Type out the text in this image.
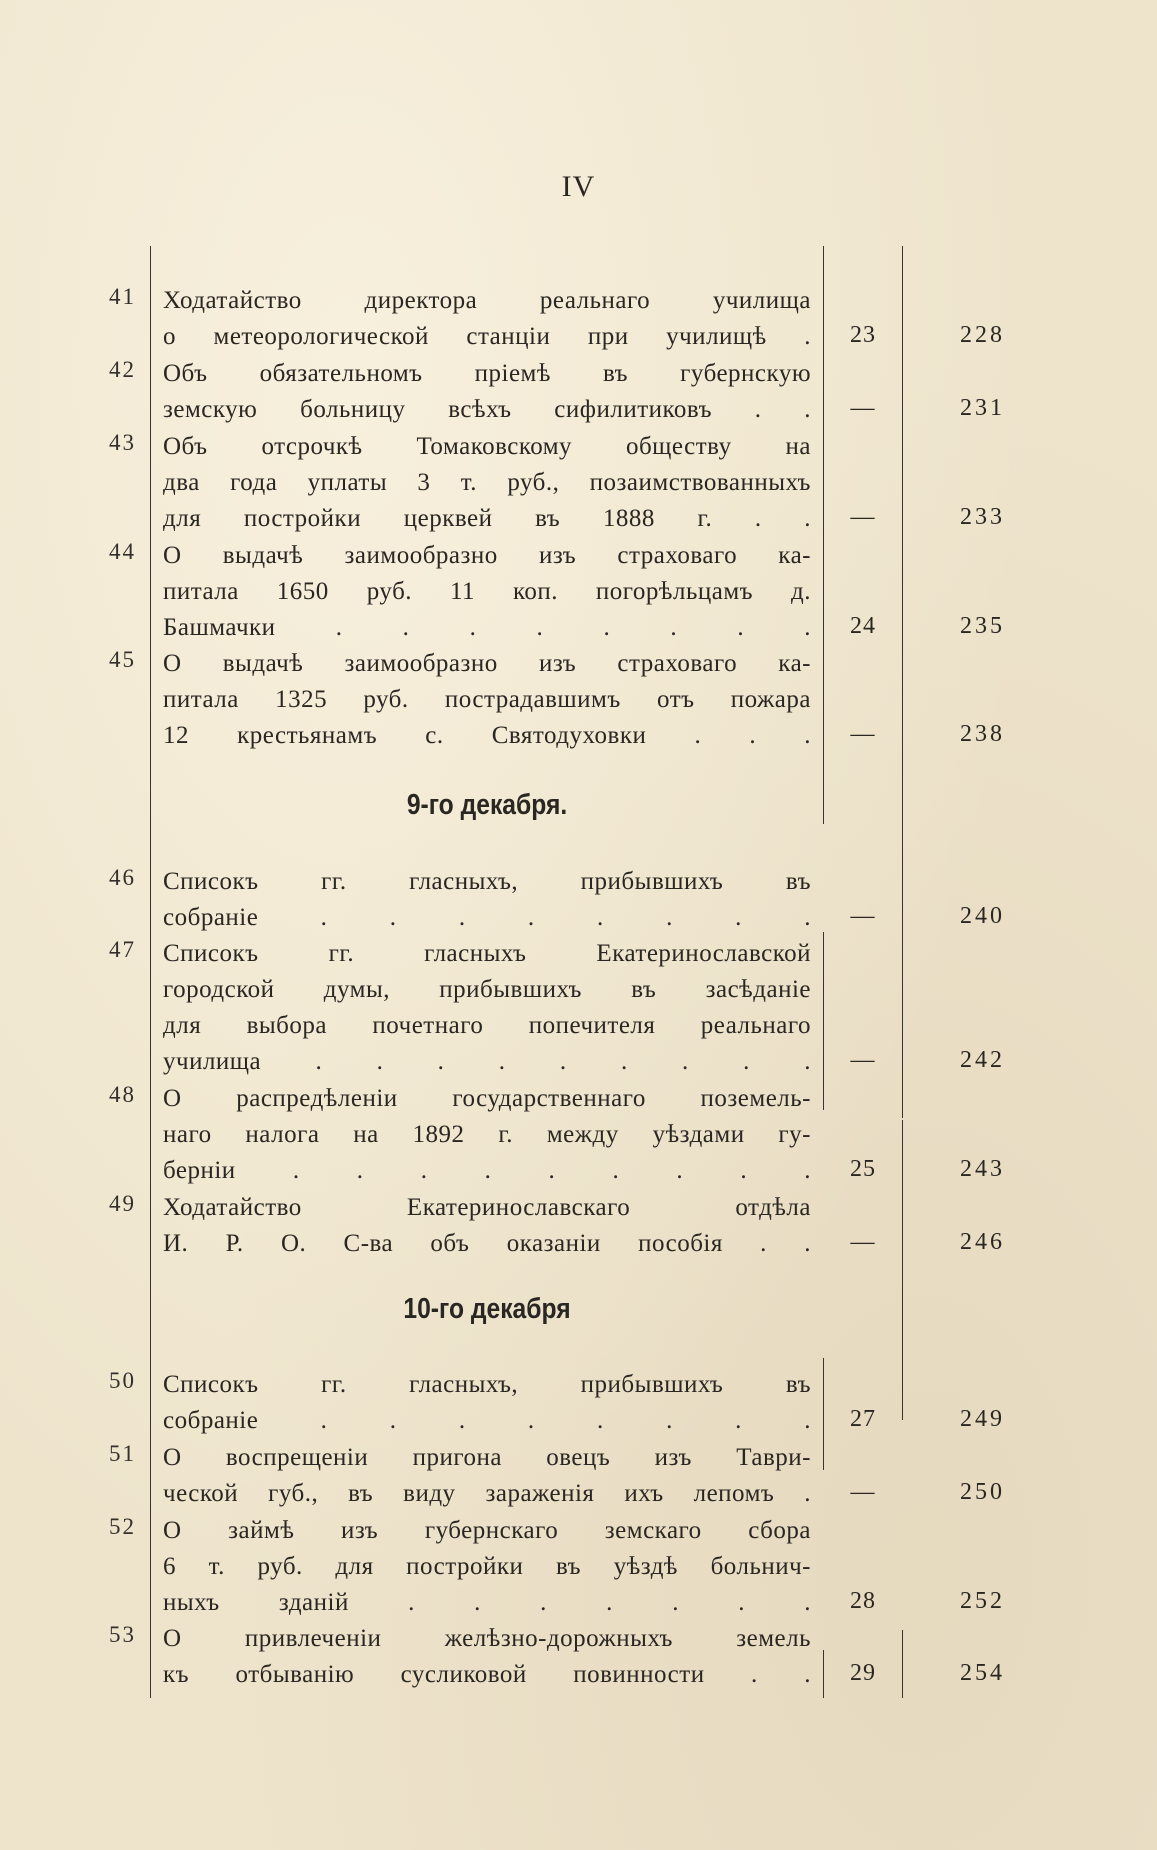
IV
41 Ходатайство директора реальнаго училища
о метеорологической станціи при училищѣ .	23	228
42 Объ обязательномъ пріемѣ въ губернскую
земскую больницу всѣхъ сифилитиковъ . .	—	231
43 Объ отсрочкѣ Томаковскому обществу на
два года уплаты 3 т. руб., позаимствованныхъ
для постройки церквей въ 1888 г. . .	—	233
44 О выдачѣ заимообразно изъ страховаго ка-
питала 1650 руб. 11 коп. погорѣльцамъ д.
Башмачки . . . . . . . .	24	235
45 О выдачѣ заимообразно изъ страховаго ка-
питала 1325 руб. пострадавшимъ отъ пожара
12 крестьянамъ с. Святодуховки . . .	—	238
9-го декабря.
46 Списокъ гг. гласныхъ, прибывшихъ въ
собраніе . . . . . . . .	—	240
47 Списокъ гг. гласныхъ Екатеринославской
городской думы, прибывшихъ въ засѣданіе
для выбора почетнаго попечителя реальнаго
училища . . . . . . . . .	—	242
48 О распредѣленіи государственнаго поземель-
наго налога на 1892 г. между уѣздами гу-
берніи . . . . . . . . .	25	243
49 Ходатайство Екатеринославскаго отдѣла
И. Р. О. С-ва объ оказаніи пособія . .	—	246
10-го декабря
50 Списокъ гг. гласныхъ, прибывшихъ въ
собраніе . . . . . . . .	27	249
51 О воспрещеніи пригона овецъ изъ Таври-
ческой губ., въ виду зараженія ихъ лепомъ .	—	250
52 О займѣ изъ губернскаго земскаго сбора
6 т. руб. для постройки въ уѣздѣ больнич-
ныхъ зданій . . . . . . .	28	252
53 О привлеченіи желѣзно-дорожныхъ земель
къ отбыванію сусликовой повинности . .	29	254
